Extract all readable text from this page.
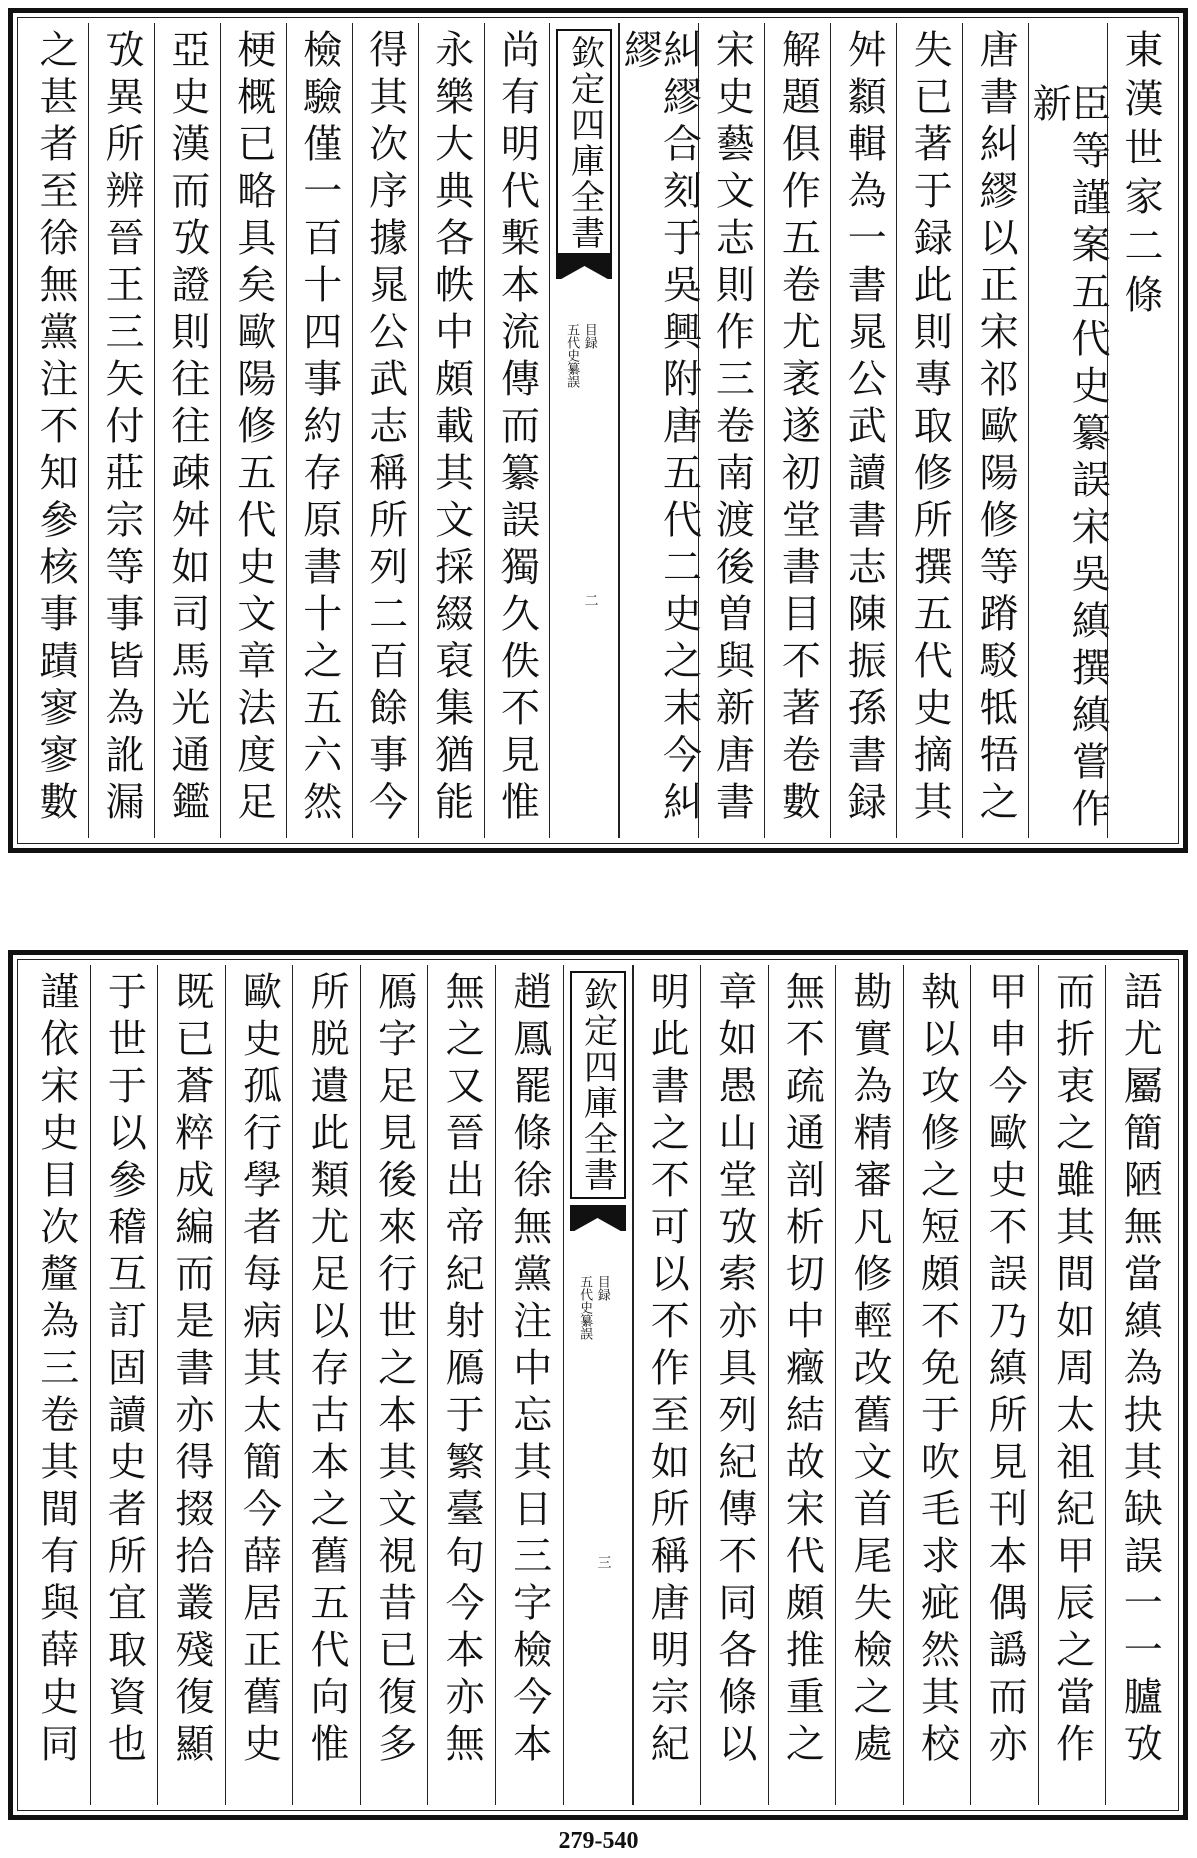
東漢世家二條
臣等謹案五代史纂誤宋吳縝撰縝嘗作新
唐書糾繆以正宋祁歐陽修等蹐駁牴牾之
失已著于録此則專取修所撰五代史摘其
舛纇輯為一書晁公武讀書志陳振孫書録
解題俱作五卷尤袤遂初堂書目不著卷數
宋史藝文志則作三卷南渡後曽與新唐書
糾繆合刻于吳興附唐五代二史之末今糾繆
欽定四庫全書
五代史纂誤 目録
二
尚有明代槧本流傳而纂誤獨久佚不見惟
永樂大典各帙中頗載其文採綴裒集猶能
得其次序據晁公武志稱所列二百餘事今
檢驗僅一百十四事約存原書十之五六然
梗概已略具矣歐陽修五代史文章法度足
亞史漢而攷證則往往疎舛如司馬光通鑑
攷異所辨晉王三矢付莊宗等事皆為訛漏
之甚者至徐無黨注不知參核事蹟寥寥數
語尤屬簡陋無當縝為抉其缺誤一一臚攷
而折衷之雖其間如周太祖紀甲辰之當作
甲申今歐史不誤乃縝所見刊本偶譌而亦
執以攻修之短頗不免于吹毛求疵然其校
勘實為精審凡修輕改舊文首尾失檢之處
無不疏通剖析切中癥結故宋代頗推重之
章如愚山堂攷索亦具列紀傳不同各條以
明此書之不可以不作至如所稱唐明宗紀
欽定四庫全書
五代史纂誤 目録
三
趙鳳罷條徐無黨注中忘其日三字檢今本
無之又晉出帝紀射鴈于繁臺句今本亦無
鴈字足見後來行世之本其文視昔已復多
所脱遺此類尤足以存古本之舊五代向惟
歐史孤行學者每病其太簡今薛居正舊史
既已蒼粹成編而是書亦得掇拾叢殘復顯
于世于以參稽互訂固讀史者所宜取資也
謹依宋史目次釐為三卷其間有與薛史同
279-540
